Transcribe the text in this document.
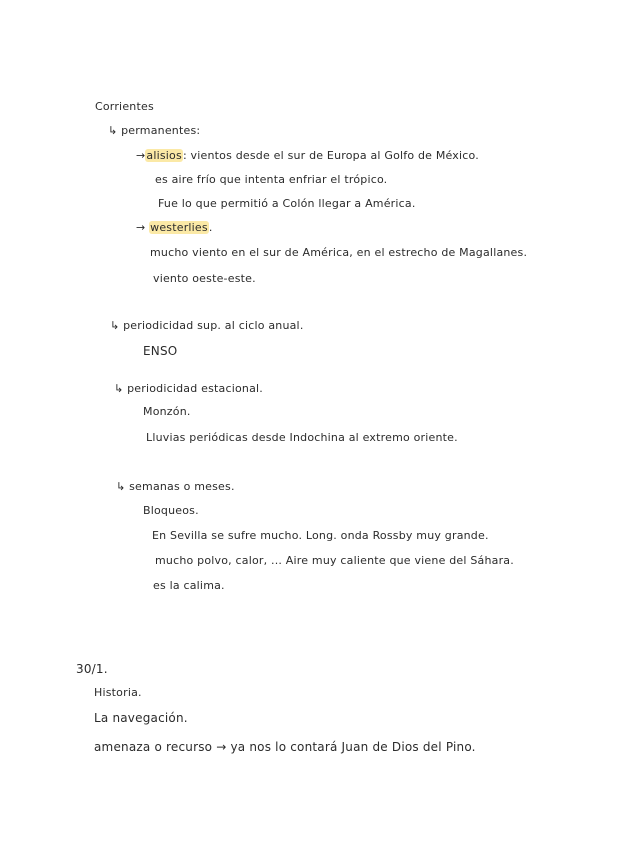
Corrientes
↳ permanentes:
→alisios: vientos desde el sur de Europa al Golfo de México.
es aire frío que intenta enfriar el trópico.
Fue lo que permitió a Colón llegar a América.
→ westerlies.
mucho viento en el sur de América, en el estrecho de Magallanes.
viento oeste-este.
↳ periodicidad sup. al ciclo anual.
ENSO
↳ periodicidad estacional.
Monzón.
Lluvias periódicas desde Indochina al extremo oriente.
↳ semanas o meses.
Bloqueos.
En Sevilla se sufre mucho. Long. onda Rossby muy grande.
mucho polvo, calor, ... Aire muy caliente que viene del Sáhara.
es la calima.
30/1.
Historia.
La navegación.
amenaza o recurso → ya nos lo contará Juan de Dios del Pino.
